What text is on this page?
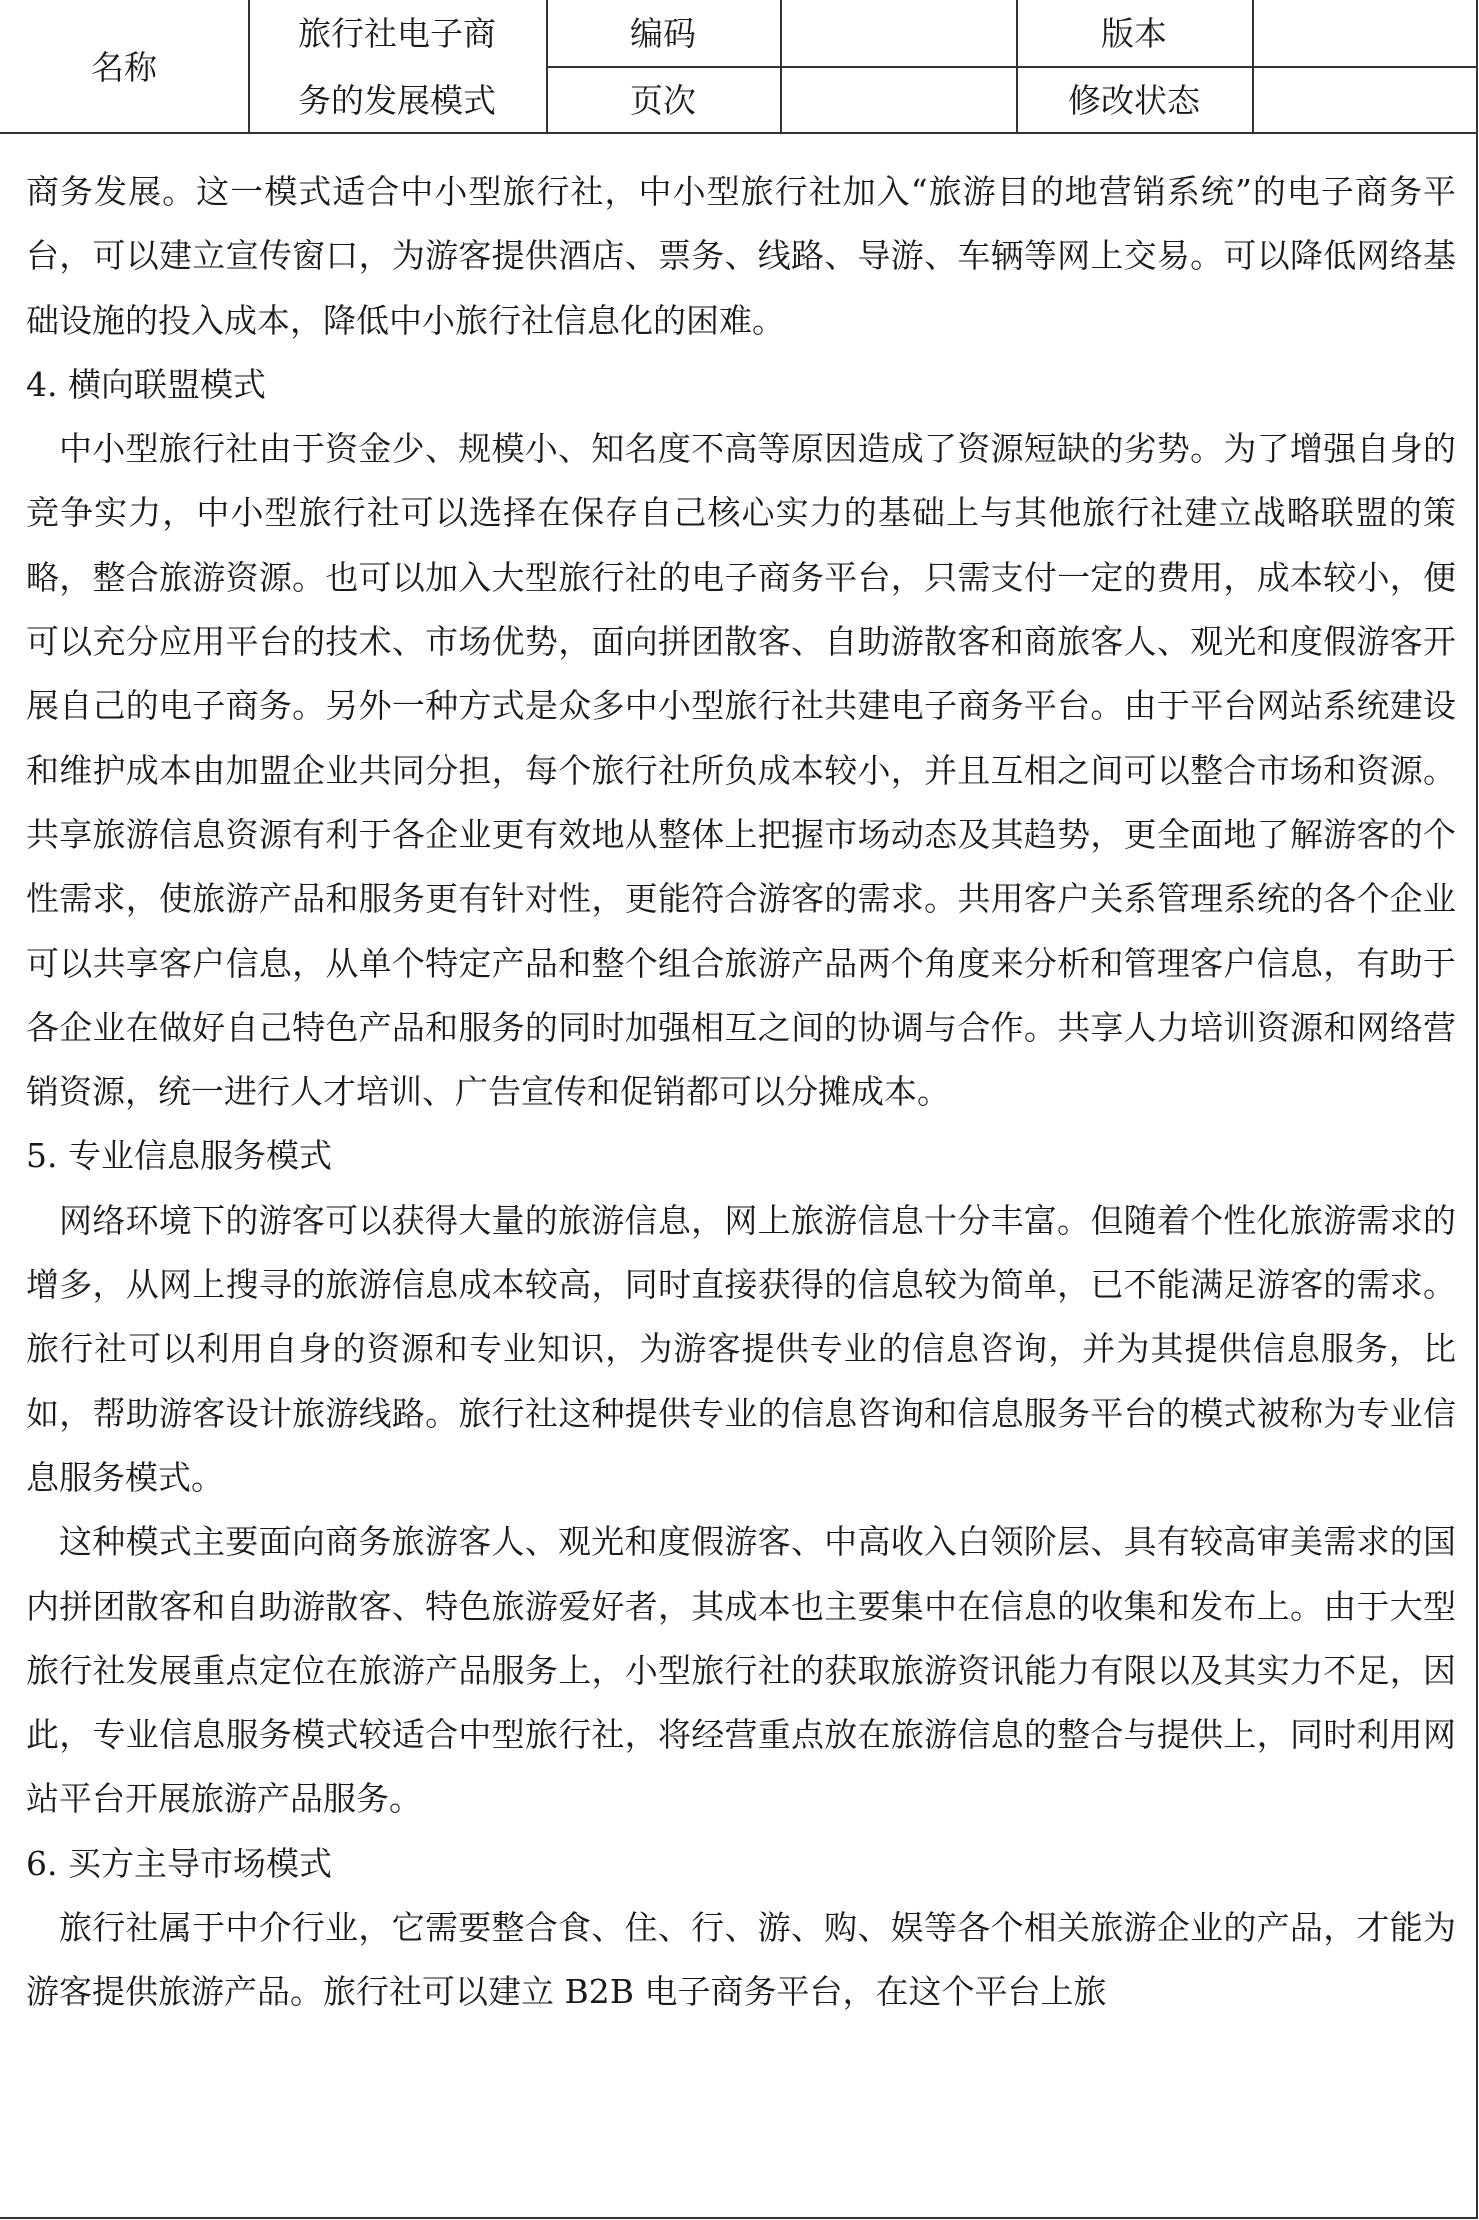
名称
旅行社电子商
务的发展模式
编码	版本
页次	修改状态

商务发展。这一模式适合中小型旅行社，中小型旅行社加入“旅游目的地营销系统”的电子商务平台，可以建立宣传窗口，为游客提供酒店、票务、线路、导游、车辆等网上交易。可以降低网络基础设施的投入成本，降低中小旅行社信息化的困难。

4. 横向联盟模式

中小型旅行社由于资金少、规模小、知名度不高等原因造成了资源短缺的劣势。为了增强自身的竞争实力，中小型旅行社可以选择在保存自己核心实力的基础上与其他旅行社建立战略联盟的策略，整合旅游资源。也可以加入大型旅行社的电子商务平台，只需支付一定的费用，成本较小，便可以充分应用平台的技术、市场优势，面向拼团散客、自助游散客和商旅客人、观光和度假游客开展自己的电子商务。另外一种方式是众多中小型旅行社共建电子商务平台。由于平台网站系统建设和维护成本由加盟企业共同分担，每个旅行社所负成本较小，并且互相之间可以整合市场和资源。共享旅游信息资源有利于各企业更有效地从整体上把握市场动态及其趋势，更全面地了解游客的个性需求，使旅游产品和服务更有针对性，更能符合游客的需求。共用客户关系管理系统的各个企业可以共享客户信息，从单个特定产品和整个组合旅游产品两个角度来分析和管理客户信息，有助于各企业在做好自己特色产品和服务的同时加强相互之间的协调与合作。共享人力培训资源和网络营销资源，统一进行人才培训、广告宣传和促销都可以分摊成本。

5. 专业信息服务模式

网络环境下的游客可以获得大量的旅游信息，网上旅游信息十分丰富。但随着个性化旅游需求的增多，从网上搜寻的旅游信息成本较高，同时直接获得的信息较为简单，已不能满足游客的需求。旅行社可以利用自身的资源和专业知识，为游客提供专业的信息咨询，并为其提供信息服务，比如，帮助游客设计旅游线路。旅行社这种提供专业的信息咨询和信息服务平台的模式被称为专业信息服务模式。

这种模式主要面向商务旅游客人、观光和度假游客、中高收入白领阶层、具有较高审美需求的国内拼团散客和自助游散客、特色旅游爱好者，其成本也主要集中在信息的收集和发布上。由于大型旅行社发展重点定位在旅游产品服务上，小型旅行社的获取旅游资讯能力有限以及其实力不足，因此，专业信息服务模式较适合中型旅行社，将经营重点放在旅游信息的整合与提供上，同时利用网站平台开展旅游产品服务。

6. 买方主导市场模式

旅行社属于中介行业，它需要整合食、住、行、游、购、娱等各个相关旅游企业的产品，才能为游客提供旅游产品。旅行社可以建立 B2B 电子商务平台，在这个平台上旅
